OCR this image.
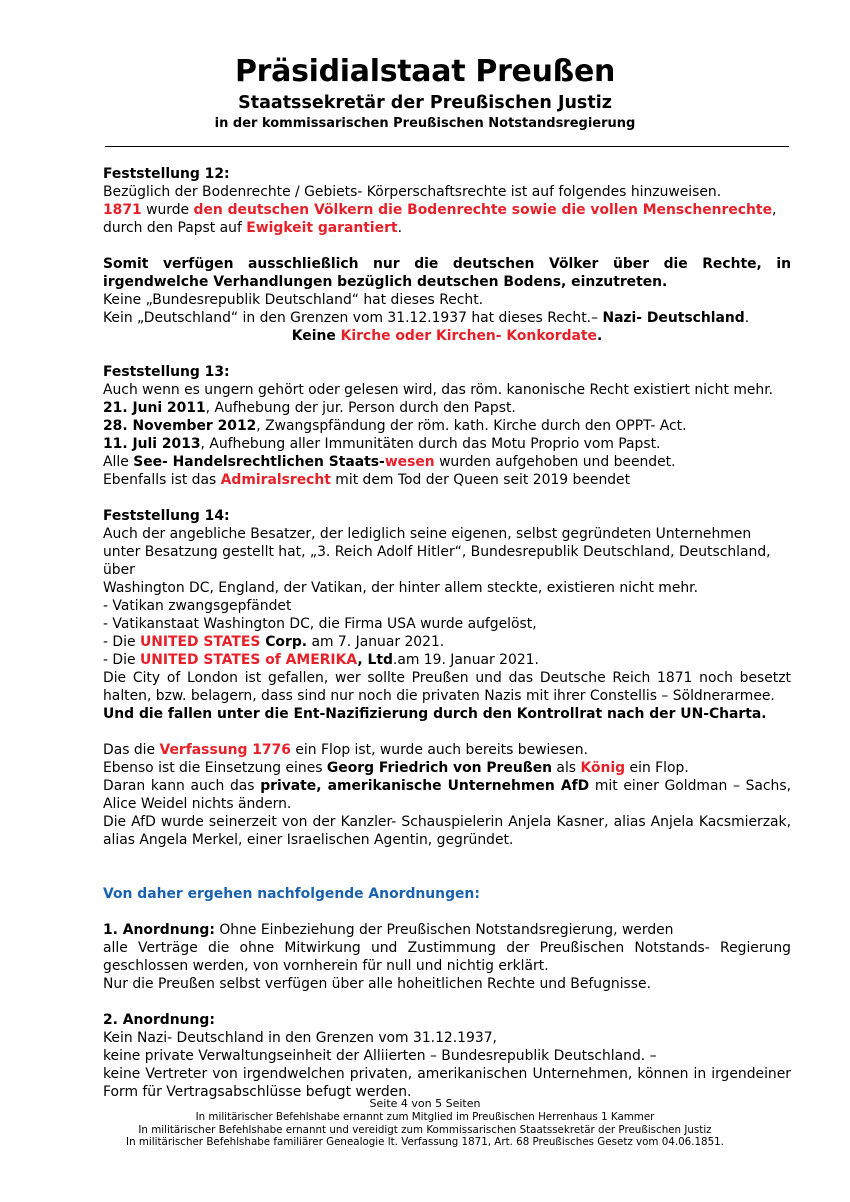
Präsidialstaat Preußen
Staatssekretär der Preußischen Justiz
in der kommissarischen Preußischen Notstandsregierung

Feststellung 12:

Bezüglich der Bodenrechte / Gebiets- Körperschaftsrechte ist auf folgendes hinzuweisen.

1871 wurde den deutschen Völkern die Bodenrechte sowie die vollen Menschenrechte,

durch den Papst auf Ewigkeit garantiert.

Somit verfügen ausschließlich nur die deutschen Völker über die Rechte, in irgendwelche Verhandlungen bezüglich deutschen Bodens, einzutreten.

Keine „Bundesrepublik Deutschland“ hat dieses Recht.

Kein „Deutschland“ in den Grenzen vom 31.12.1937 hat dieses Recht.– Nazi- Deutschland.

Keine Kirche oder Kirchen- Konkordate.

Feststellung 13:

Auch wenn es ungern gehört oder gelesen wird, das röm. kanonische Recht existiert nicht mehr.

21. Juni 2011, Aufhebung der jur. Person durch den Papst.

28. November 2012, Zwangspfändung der röm. kath. Kirche durch den OPPT- Act.

11. Juli 2013, Aufhebung aller Immunitäten durch das Motu Proprio vom Papst.

Alle See- Handelsrechtlichen Staats-wesen wurden aufgehoben und beendet.

Ebenfalls ist das Admiralsrecht mit dem Tod der Queen seit 2019 beendet

Feststellung 14:

Auch der angebliche Besatzer, der lediglich seine eigenen, selbst gegründeten Unternehmen

unter Besatzung gestellt hat, „3. Reich Adolf Hitler“, Bundesrepublik Deutschland, Deutschland, über

Washington DC, England, der Vatikan, der hinter allem steckte, existieren nicht mehr.

- Vatikan zwangsgepfändet

- Vatikanstaat Washington DC, die Firma USA wurde aufgelöst,

- Die UNITED STATES Corp. am 7. Januar 2021.

- Die UNITED STATES of AMERIKA, Ltd.am 19. Januar 2021.

Die City of London ist gefallen, wer sollte Preußen und das Deutsche Reich 1871 noch besetzt halten, bzw. belagern, dass sind nur noch die privaten Nazis mit ihrer Constellis – Söldnerarmee.

Und die fallen unter die Ent-Nazifizierung durch den Kontrollrat nach der UN-Charta.

Das die Verfassung 1776 ein Flop ist, wurde auch bereits bewiesen.

Ebenso ist die Einsetzung eines Georg Friedrich von Preußen als König ein Flop.

Daran kann auch das private, amerikanische Unternehmen AfD mit einer Goldman – Sachs, Alice Weidel nichts ändern.

Die AfD wurde seinerzeit von der Kanzler- Schauspielerin Anjela Kasner, alias Anjela Kacsmierzak, alias Angela Merkel, einer Israelischen Agentin, gegründet.

Von daher ergehen nachfolgende Anordnungen:

1. Anordnung: Ohne Einbeziehung der Preußischen Notstandsregierung, werden

alle Verträge die ohne Mitwirkung und Zustimmung der Preußischen Notstands- Regierung geschlossen werden, von vornherein für null und nichtig erklärt.

Nur die Preußen selbst verfügen über alle hoheitlichen Rechte und Befugnisse.

2. Anordnung:

Kein Nazi- Deutschland in den Grenzen vom 31.12.1937,

keine private Verwaltungseinheit der Alliierten – Bundesrepublik Deutschland. –

keine Vertreter von irgendwelchen privaten, amerikanischen Unternehmen, können in irgendeiner Form für Vertragsabschlüsse befugt werden.

Seite 4 von 5 Seiten
In militärischer Befehlshabe ernannt zum Mitglied im Preußischen Herrenhaus 1 Kammer
In militärischer Befehlshabe ernannt und vereidigt zum Kommissarischen Staatssekretär der Preußischen Justiz
In militärischer Befehlshabe familiärer Genealogie lt. Verfassung 1871, Art. 68 Preußisches Gesetz vom 04.06.1851.
